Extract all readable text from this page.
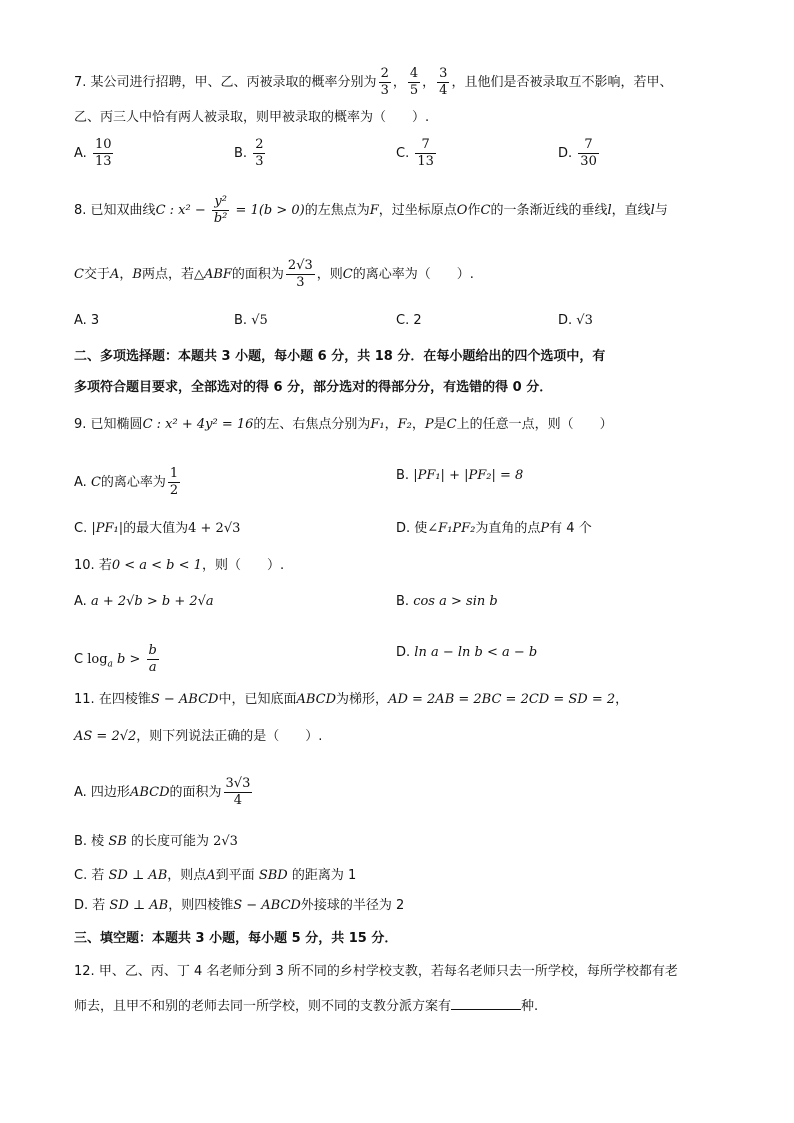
7. 某公司进行招聘，甲、乙、丙被录取的概率分别为 $\frac{2}{3}$ ， $\frac{4}{5}$ ， $\frac{3}{4}$ ，且他们是否被录取互不影响，若甲、
乙、丙三人中恰有两人被录取，则甲被录取的概率为（　　）.
A. $\frac{10}{13}$	B. $\frac{2}{3}$	C. $\frac{7}{13}$	D. $\frac{7}{30}$
8. 已知双曲线C : $x^2 - \frac{\text{y²}}{\text{b²}} = 1(b > 0)$的左焦点为F，过坐标原点O作C的一条渐近线的垂线l，直线l与
C交于A，B两点，若△ABF的面积为 $\frac{2√3}{3}$ ，则C的离心率为（　　）.
A. 3	B. √5	C. 2	D. √3
二、多项选择题：本题共 3 小题，每小题 6 分，共 18 分．在每小题给出的四个选项中，有
多项符合题目要求，全部选对的得 6 分，部分选对的得部分分，有选错的得 0 分．
9. 已知椭圆C : x² + 4y² = 16的左、右焦点分别为F₁，F₂，P是C上的任意一点，则（　　）
A. C的离心率为 $\frac{1}{2}$	B. |PF₁| + |PF₂| = 8
C. |PF₁|的最大值为4 + 2√3	D. 使∠F₁PF₂为直角的点P有 4 个
10. 若0 < a < b < 1，则（　　）.
A. a + 2√b > b + 2√a	B. cos a > sin b
C $\log_a b > \frac{b}{a}$	D. ln a − ln b < a − b
11. 在四棱锥S − ABCD中，已知底面ABCD为梯形，AD = 2AB = 2BC = 2CD = SD = 2，
AS = 2√2，则下列说法正确的是（　　）.
A. 四边形ABCD的面积为 $\frac{3√3}{4}$
B. 棱 SB 的长度可能为 2√3
C. 若 SD ⊥ AB，则点A到平面 SBD 的距离为 1
D. 若 SD ⊥ AB，则四棱锥S − ABCD外接球的半径为 2
三、填空题：本题共 3 小题，每小题 5 分，共 15 分．
12. 甲、乙、丙、丁 4 名老师分到 3 所不同的乡村学校支教，若每名老师只去一所学校，每所学校都有老
师去，且甲不和别的老师去同一所学校，则不同的支教分派方案有	种.
